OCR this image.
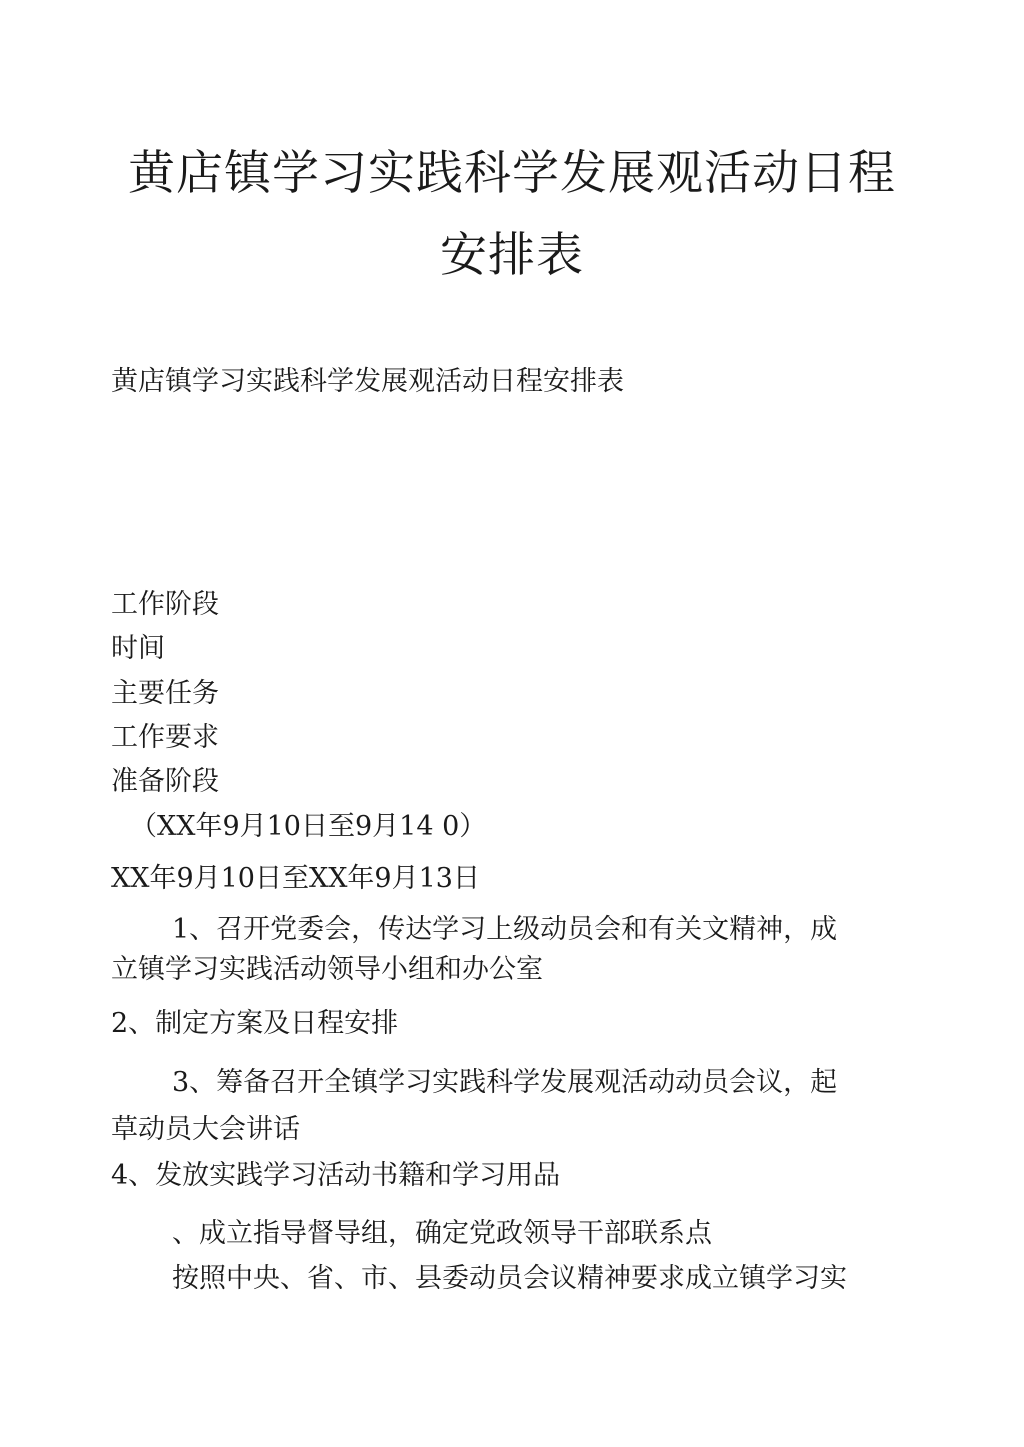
黄店镇学习实践科学发展观活动日程
安排表

黄店镇学习实践科学发展观活动日程安排表

工作阶段

时间

主要任务

工作要求

准备阶段

（XX年9月10日至9月14 0）

XX年9月10日至XX年9月13日

1、召开党委会，传达学习上级动员会和有关文精神，成

立镇学习实践活动领导小组和办公室

2、制定方案及日程安排

3、筹备召开全镇学习实践科学发展观活动动员会议，起

草动员大会讲话

4、发放实践学习活动书籍和学习用品

、成立指导督导组，确定党政领导干部联系点

按照中央、省、市、县委动员会议精神要求成立镇学习实
